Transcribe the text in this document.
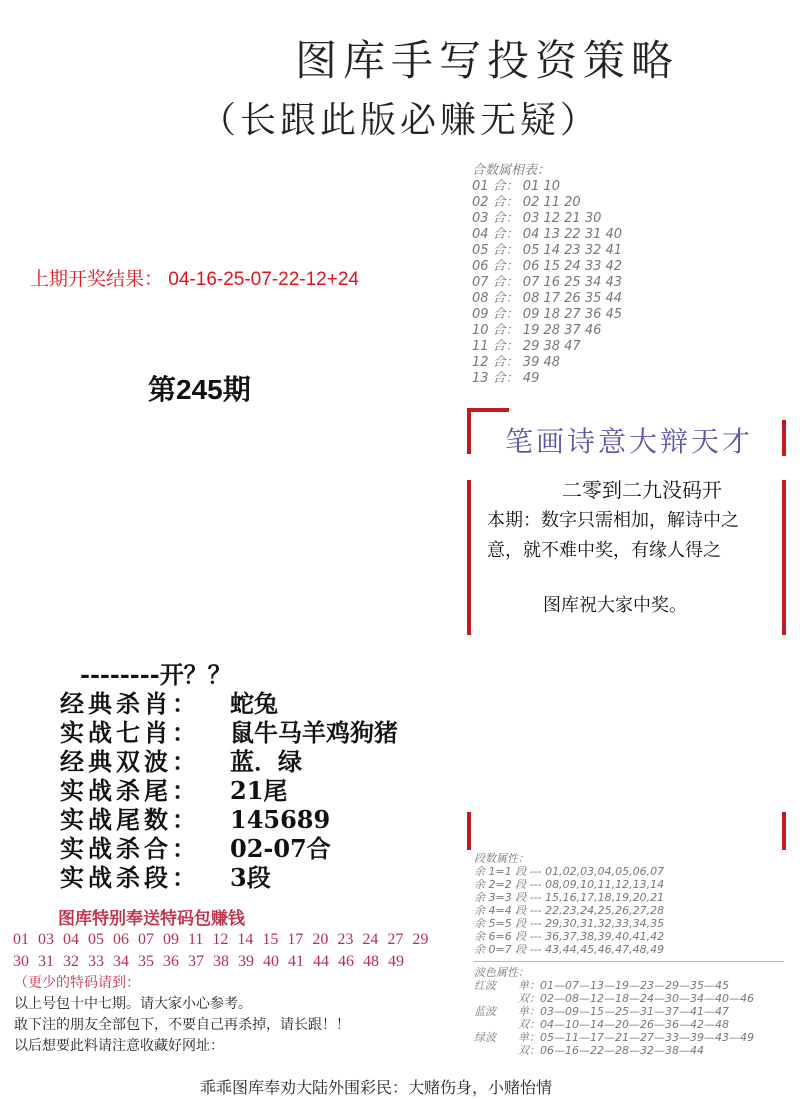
图库手写投资策略
（长跟此版必赚无疑）
上期开奖结果： 04-16-25-07-22-12+24
第245期
合数属相表：
01 合： 01 10
02 合： 02 11 20
03 合： 03 12 21 30
04 合： 04 13 22 31 40
05 合： 05 14 23 32 41
06 合： 06 15 24 33 42
07 合： 07 16 25 34 43
08 合： 08 17 26 35 44
09 合： 09 18 27 36 45
10 合： 19 28 37 46
11 合： 29 38 47
12 合： 39 48
13 合： 49
笔画诗意大辩天才
二零到二九没码开
本期：数字只需相加，解诗中之
意，就不难中奖，有缘人得之
图库祝大家中奖。
--------开？？
经典杀肖：	蛇兔
实战七肖：	鼠牛马羊鸡狗猪
经典双波：	蓝．绿
实战杀尾：	21尾
实战尾数：	145689
实战杀合：	02-07合
实战杀段：	3段
图库特别奉送特码包赚钱
01 03 04 05 06 07 09 11 12 14 15 17 20 23 24 27 29
30 31 32 33 34 35 36 37 38 39 40 41 44 46 48 49
（更少的特码请到：
以上号包十中七期。请大家小心参考。
敢下注的朋友全部包下，不要自己再杀掉，请长跟！！
以后想要此料请注意收藏好网址：
段数属性：
余 1=1 段 --- 01,02,03,04,05,06,07
余 2=2 段 --- 08,09,10,11,12,13,14
余 3=3 段 --- 15,16,17,18,19,20,21
余 4=4 段 --- 22,23,24,25,26,27,28
余 5=5 段 --- 29,30,31,32,33,34,35
余 6=6 段 --- 36,37,38,39,40,41,42
余 0=7 段 --- 43,44,45,46,47,48,49
波色属性：
红波	单： 01—07—13—19—23—29—35—45
双： 02—08—12—18—24—30—34—40—46
蓝波	单： 03—09—15—25—31—37—41—47
双： 04—10—14—20—26—36—42—48
绿波	单： 05—11—17—21—27—33—39—43—49
双： 06—16—22—28—32—38—44
乖乖图库奉劝大陆外围彩民：大赌伤身，小赌怡情
